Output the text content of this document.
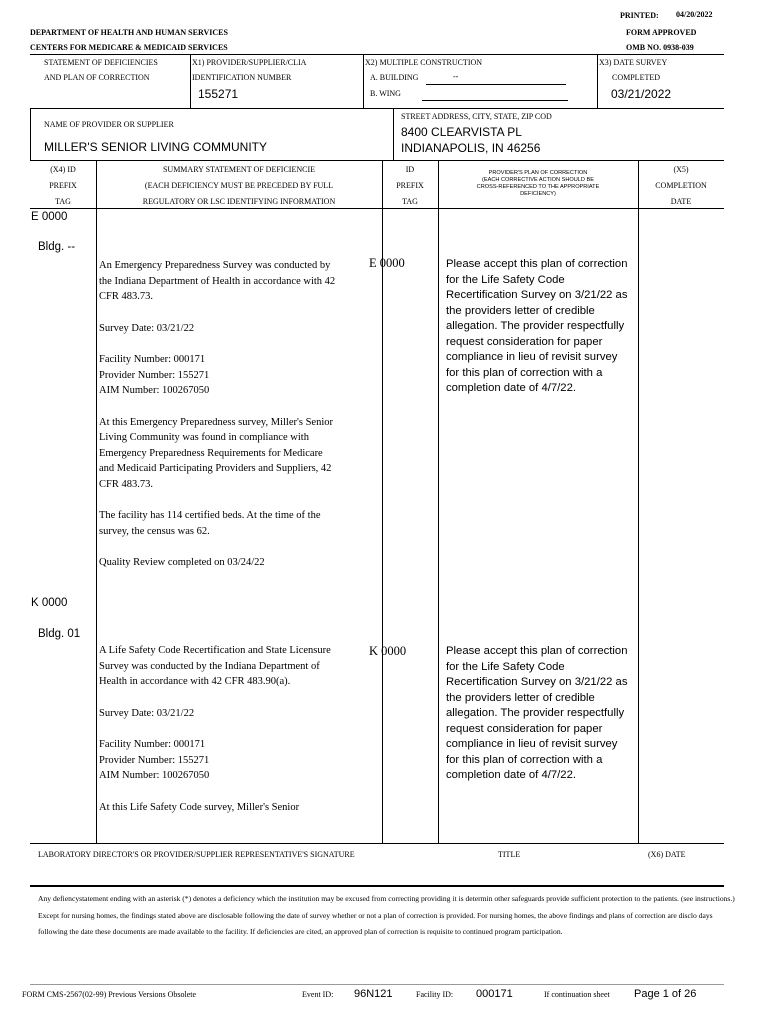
PRINTED: 04/20/2022
DEPARTMENT OF HEALTH AND HUMAN SERVICES	FORM APPROVED
CENTERS FOR MEDICARE & MEDICAID SERVICES	OMB NO. 0938-039
STATEMENT OF DEFICIENCIES
AND PLAN OF CORRECTION
X1) PROVIDER/SUPPLIER/CLIA
IDENTIFICATION NUMBER
155271
X2) MULTIPLE CONSTRUCTION
A. BUILDING	--
B. WING
X3) DATE SURVEY
COMPLETED
03/21/2022
NAME OF PROVIDER OR SUPPLIER
MILLER'S SENIOR LIVING COMMUNITY
STREET ADDRESS, CITY, STATE, ZIP COD
8400 CLEARVISTA PL
INDIANAPOLIS, IN 46256
(X4) ID
PREFIX
TAG
SUMMARY STATEMENT OF DEFICIENCIE
(EACH DEFICIENCY MUST BE PRECEDED BY FULL
REGULATORY OR LSC IDENTIFYING INFORMATION
ID
PREFIX
TAG
PROVIDER'S PLAN OF CORRECTION
(EACH CORRECTIVE ACTION SHOULD BE
CROSS-REFERENCED TO THE APPROPRIATE
DEFICIENCY)
(X5)
COMPLETION
DATE
E 0000
Bldg. --

An Emergency Preparedness Survey was conducted by the Indiana Department of Health in accordance with 42 CFR 483.73.

Survey Date: 03/21/22

Facility Number: 000171
Provider Number: 155271
AIM Number: 100267050

At this Emergency Preparedness survey, Miller's Senior Living Community was found in compliance with Emergency Preparedness Requirements for Medicare and Medicaid Participating Providers and Suppliers, 42 CFR 483.73.

The facility has 114 certified beds. At the time of the survey, the census was 62.

Quality Review completed on 03/24/22

E 0000	Please accept this plan of correction for the Life Safety Code Recertification Survey on 3/21/22 as the providers letter of credible allegation. The provider respectfully request consideration for paper compliance in lieu of revisit survey for this plan of correction with a completion date of 4/7/22.
K 0000
Bldg. 01

A Life Safety Code Recertification and State Licensure Survey was conducted by the Indiana Department of Health in accordance with 42 CFR 483.90(a).

Survey Date: 03/21/22

Facility Number: 000171
Provider Number: 155271
AIM Number: 100267050

At this Life Safety Code survey, Miller's Senior

K 0000	Please accept this plan of correction for the Life Safety Code Recertification Survey on 3/21/22 as the providers letter of credible allegation. The provider respectfully request consideration for paper compliance in lieu of revisit survey for this plan of correction with a completion date of 4/7/22.
LABORATORY DIRECTOR'S OR PROVIDER/SUPPLIER REPRESENTATIVE'S SIGNATURE	TITLE	(X6) DATE
Any defiencystatement ending with an asterisk (*) denotes a deficiency which the institution may be excused from correcting providing it is determin other safeguards provide sufficient protection to the patients. (see instructions.) Except for nursing homes, the findings stated above are disclosable following the date of survey whether or not a plan of correction is provided. For nursing homes, the above findings and plans of correction are disclo days following the date these documents are made available to the facility. If deficiencies are cited, an approved plan of correction is requisite to continued program participation.
FORM CMS-2567(02-99) Previous Versions Obsolete	Event ID: 96N121	Facility ID: 000171	If continuation sheet Page 1 of 26
